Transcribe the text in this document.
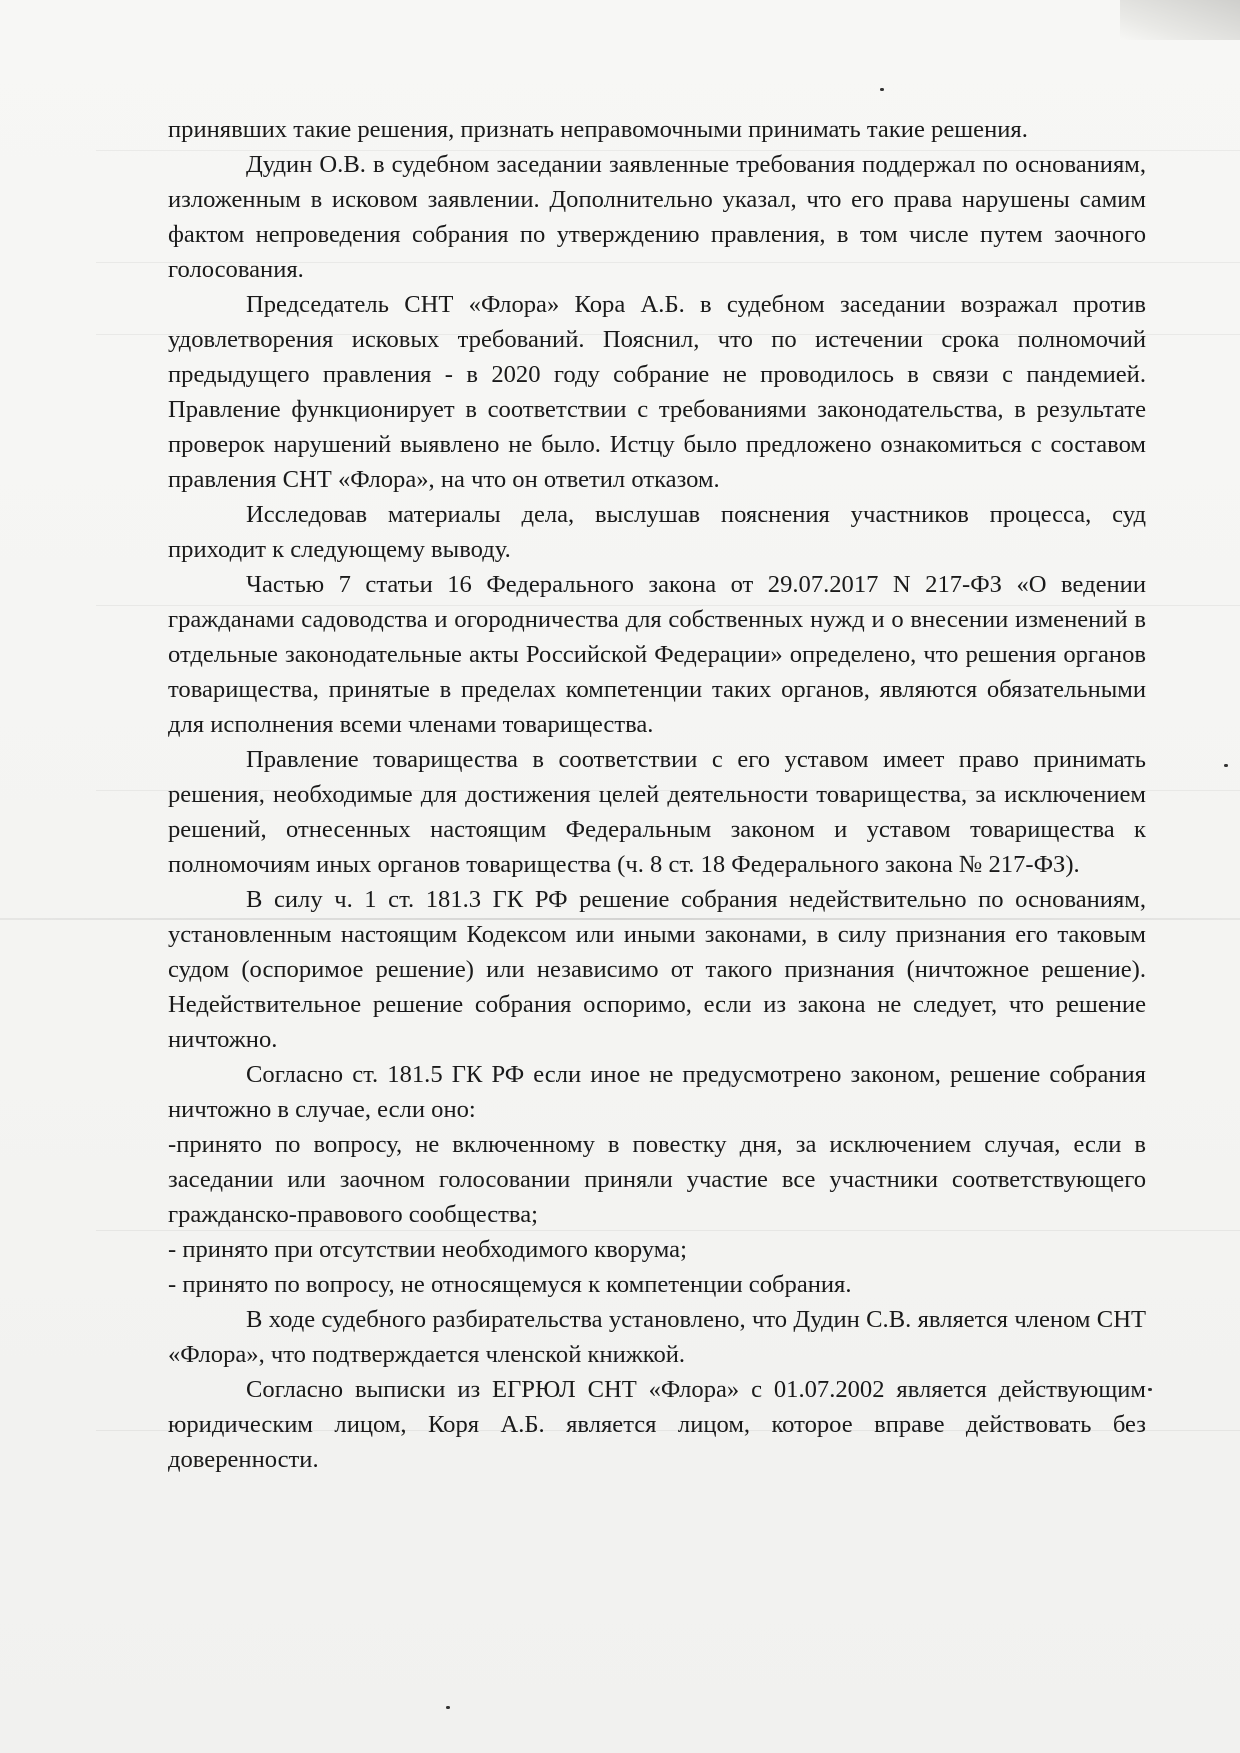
принявших такие решения, признать неправомочными принимать такие решения.

Дудин О.В. в судебном заседании заявленные требования поддержал по основаниям, изложенным в исковом заявлении. Дополнительно указал, что его права нарушены самим фактом непроведения собрания по утверждению правления, в том числе путем заочного голосования.

Председатель СНТ «Флора» Кора А.Б. в судебном заседании возражал против удовлетворения исковых требований. Пояснил, что по истечении срока полномочий предыдущего правления - в 2020 году собрание не проводилось в связи с пандемией. Правление функционирует в соответствии с требованиями законодательства, в результате проверок нарушений выявлено не было. Истцу было предложено ознакомиться с составом правления СНТ «Флора», на что он ответил отказом.

Исследовав материалы дела, выслушав пояснения участников процесса, суд приходит к следующему выводу.

Частью 7 статьи 16 Федерального закона от 29.07.2017 N 217-ФЗ «О ведении гражданами садоводства и огородничества для собственных нужд и о внесении изменений в отдельные законодательные акты Российской Федерации» определено, что решения органов товарищества, принятые в пределах компетенции таких органов, являются обязательными для исполнения всеми членами товарищества.

Правление товарищества в соответствии с его уставом имеет право принимать решения, необходимые для достижения целей деятельности товарищества, за исключением решений, отнесенных настоящим Федеральным законом и уставом товарищества к полномочиям иных органов товарищества (ч. 8 ст. 18 Федерального закона № 217-ФЗ).

В силу ч. 1 ст. 181.3 ГК РФ решение собрания недействительно по основаниям, установленным настоящим Кодексом или иными законами, в силу признания его таковым судом (оспоримое решение) или независимо от такого признания (ничтожное решение). Недействительное решение собрания оспоримо, если из закона не следует, что решение ничтожно.

Согласно ст. 181.5 ГК РФ если иное не предусмотрено законом, решение собрания ничтожно в случае, если оно:

-принято по вопросу, не включенному в повестку дня, за исключением случая, если в заседании или заочном голосовании приняли участие все участники соответствующего гражданско-правового сообщества;

- принято при отсутствии необходимого кворума;

- принято по вопросу, не относящемуся к компетенции собрания.

В ходе судебного разбирательства установлено, что Дудин С.В. является членом СНТ «Флора», что подтверждается членской книжкой.

Согласно выписки из ЕГРЮЛ СНТ «Флора» с 01.07.2002 является действующим юридическим лицом, Коря А.Б. является лицом, которое вправе действовать без доверенности.
